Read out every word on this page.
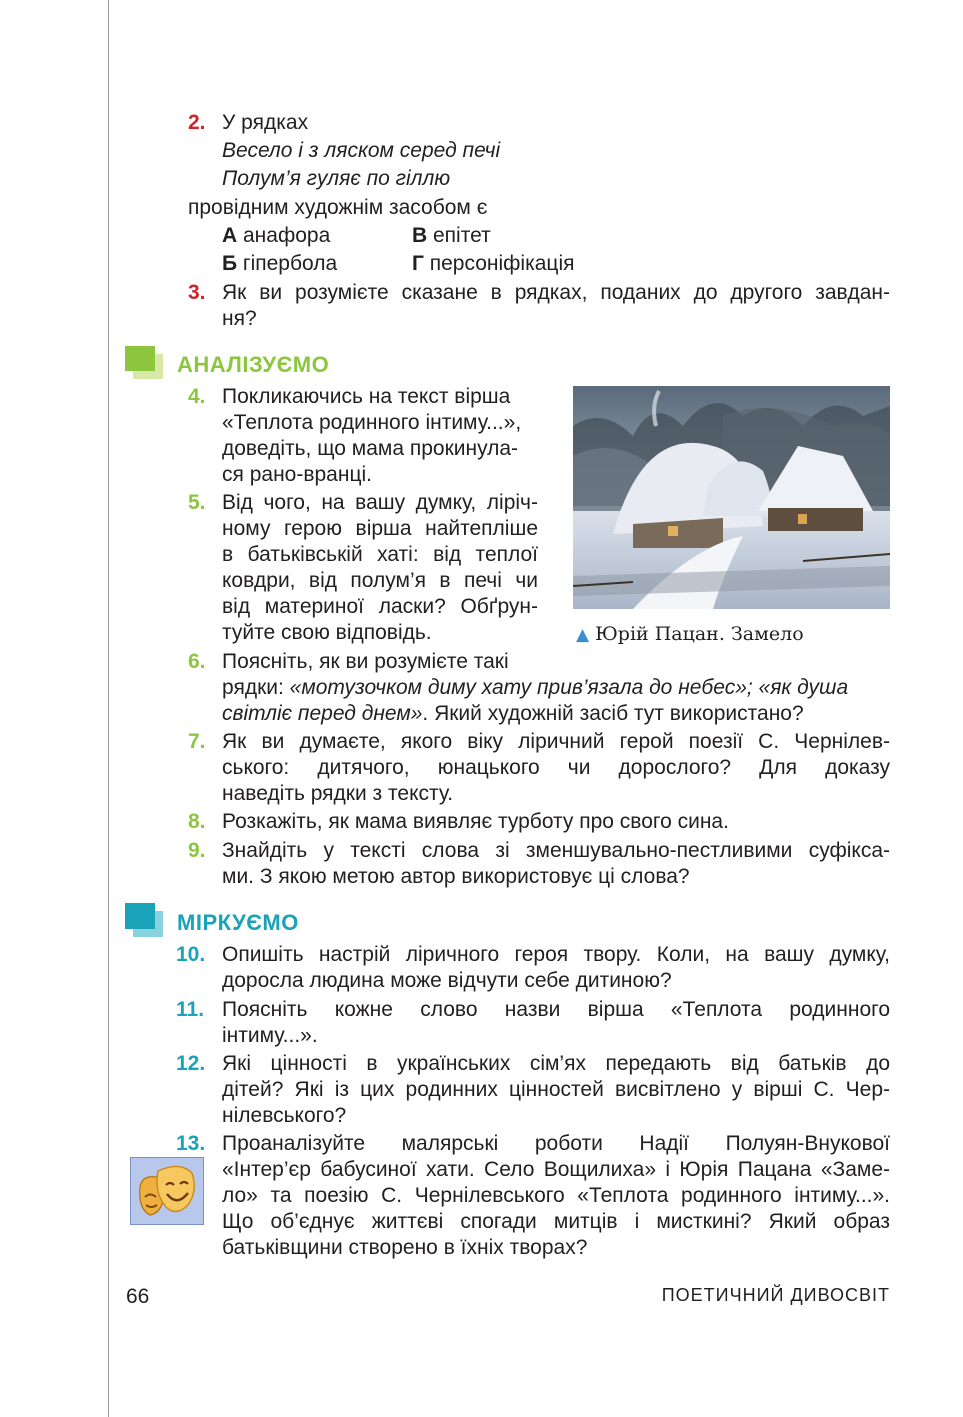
2. У рядках
Весело і з ляском серед печі
Полум’я гуляє по гіллю
провідним художнім засобом є
А анафора	В епітет
Б гіпербола	Г персоніфікація
3. Як ви розумієте сказане в рядках, поданих до другого завдан-
ня?
АНАЛІЗУЄМО
4. Покликаючись на текст вірша
«Теплота родинного інтиму...»,
доведіть, що мама прокинула-
ся рано-вранці.
5. Від чого, на вашу думку, ліріч-
ному герою вірша найтепліше
в батьківській хаті: від теплої
ковдри, від полум’я в печі чи
від материної ласки? Обґрун-
туйте свою відповідь.	▲ Юрій Пацан. Замело
6. Поясніть, як ви розумієте такі
рядки: «мотузочком диму хату прив’язала до небес»; «як душа
світліє перед днем». Який художній засіб тут використано?
7. Як ви думаєте, якого віку ліричний герой поезії С. Чернілев-
ського: дитячого, юнацького чи дорослого? Для доказу
наведіть рядки з тексту.
8. Розкажіть, як мама виявляє турботу про свого сина.
9. Знайдіть у тексті слова зі зменшувально-пестливими суфікса-
ми. З якою метою автор використовує ці слова?
МІРКУЄМО
10. Опишіть настрій ліричного героя твору. Коли, на вашу думку,
доросла людина може відчути себе дитиною?
11. Поясніть кожне слово назви вірша «Теплота родинного
інтиму...».
12. Які цінності в українських сім’ях передають від батьків до
дітей? Які із цих родинних цінностей висвітлено у вірші С. Чер-
нілевського?
13. Проаналізуйте малярські роботи Надії Полуян-Внукової
«Інтер’єр бабусиної хати. Село Вощилиха» і Юрія Пацана «Заме-
ло» та поезію С. Чернілевського «Теплота родинного інтиму...».
Що об’єднує життєві спогади митців і мисткині? Який образ
батьківщини створено в їхніх творах?
66	ПОЕТИЧНИЙ ДИВОСВІТ
